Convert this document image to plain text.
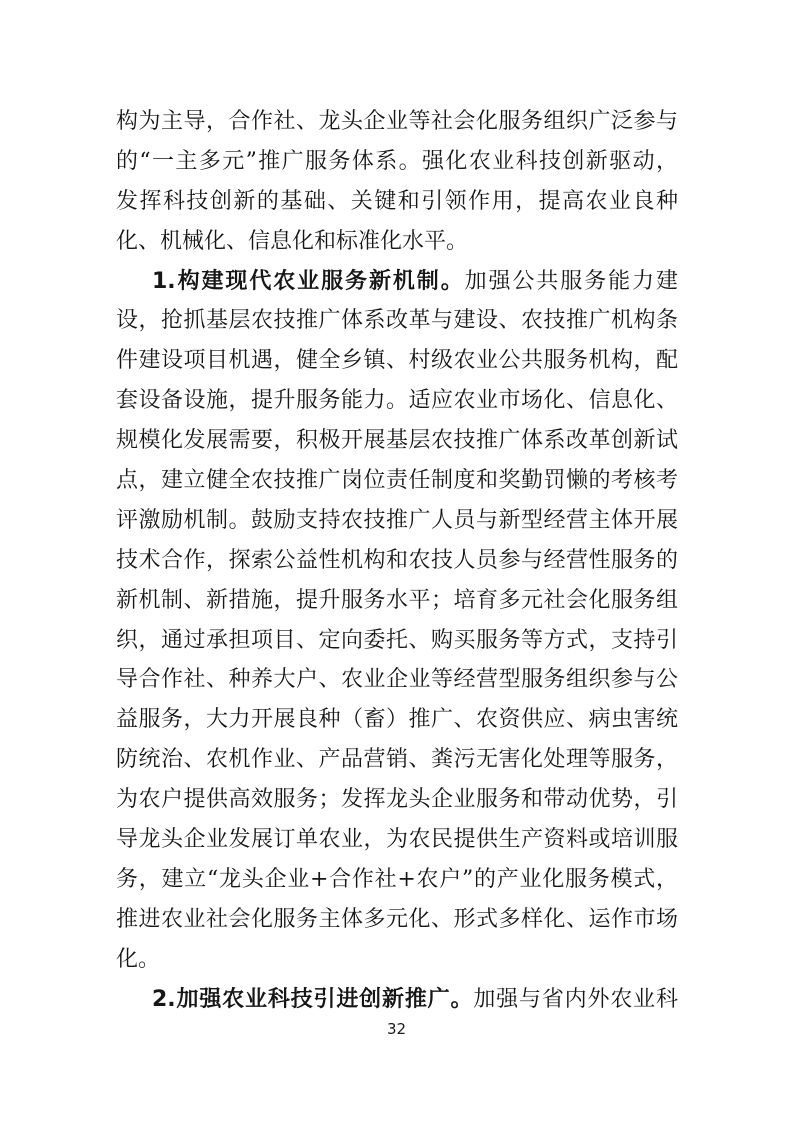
构为主导，合作社、龙头企业等社会化服务组织广泛参与
的“一主多元”推广服务体系。强化农业科技创新驱动，
发挥科技创新的基础、关键和引领作用，提高农业良种
化、机械化、信息化和标准化水平。
1.构建现代农业服务新机制。加强公共服务能力建
设，抢抓基层农技推广体系改革与建设、农技推广机构条
件建设项目机遇，健全乡镇、村级农业公共服务机构，配
套设备设施，提升服务能力。适应农业市场化、信息化、
规模化发展需要，积极开展基层农技推广体系改革创新试
点，建立健全农技推广岗位责任制度和奖勤罚懒的考核考
评激励机制。鼓励支持农技推广人员与新型经营主体开展
技术合作，探索公益性机构和农技人员参与经营性服务的
新机制、新措施，提升服务水平；培育多元社会化服务组
织，通过承担项目、定向委托、购买服务等方式，支持引
导合作社、种养大户、农业企业等经营型服务组织参与公
益服务，大力开展良种（畜）推广、农资供应、病虫害统
防统治、农机作业、产品营销、粪污无害化处理等服务，
为农户提供高效服务；发挥龙头企业服务和带动优势，引
导龙头企业发展订单农业，为农民提供生产资料或培训服
务，建立“龙头企业+合作社+农户”的产业化服务模式，
推进农业社会化服务主体多元化、形式多样化、运作市场
化。
2.加强农业科技引进创新推广。加强与省内外农业科
32
